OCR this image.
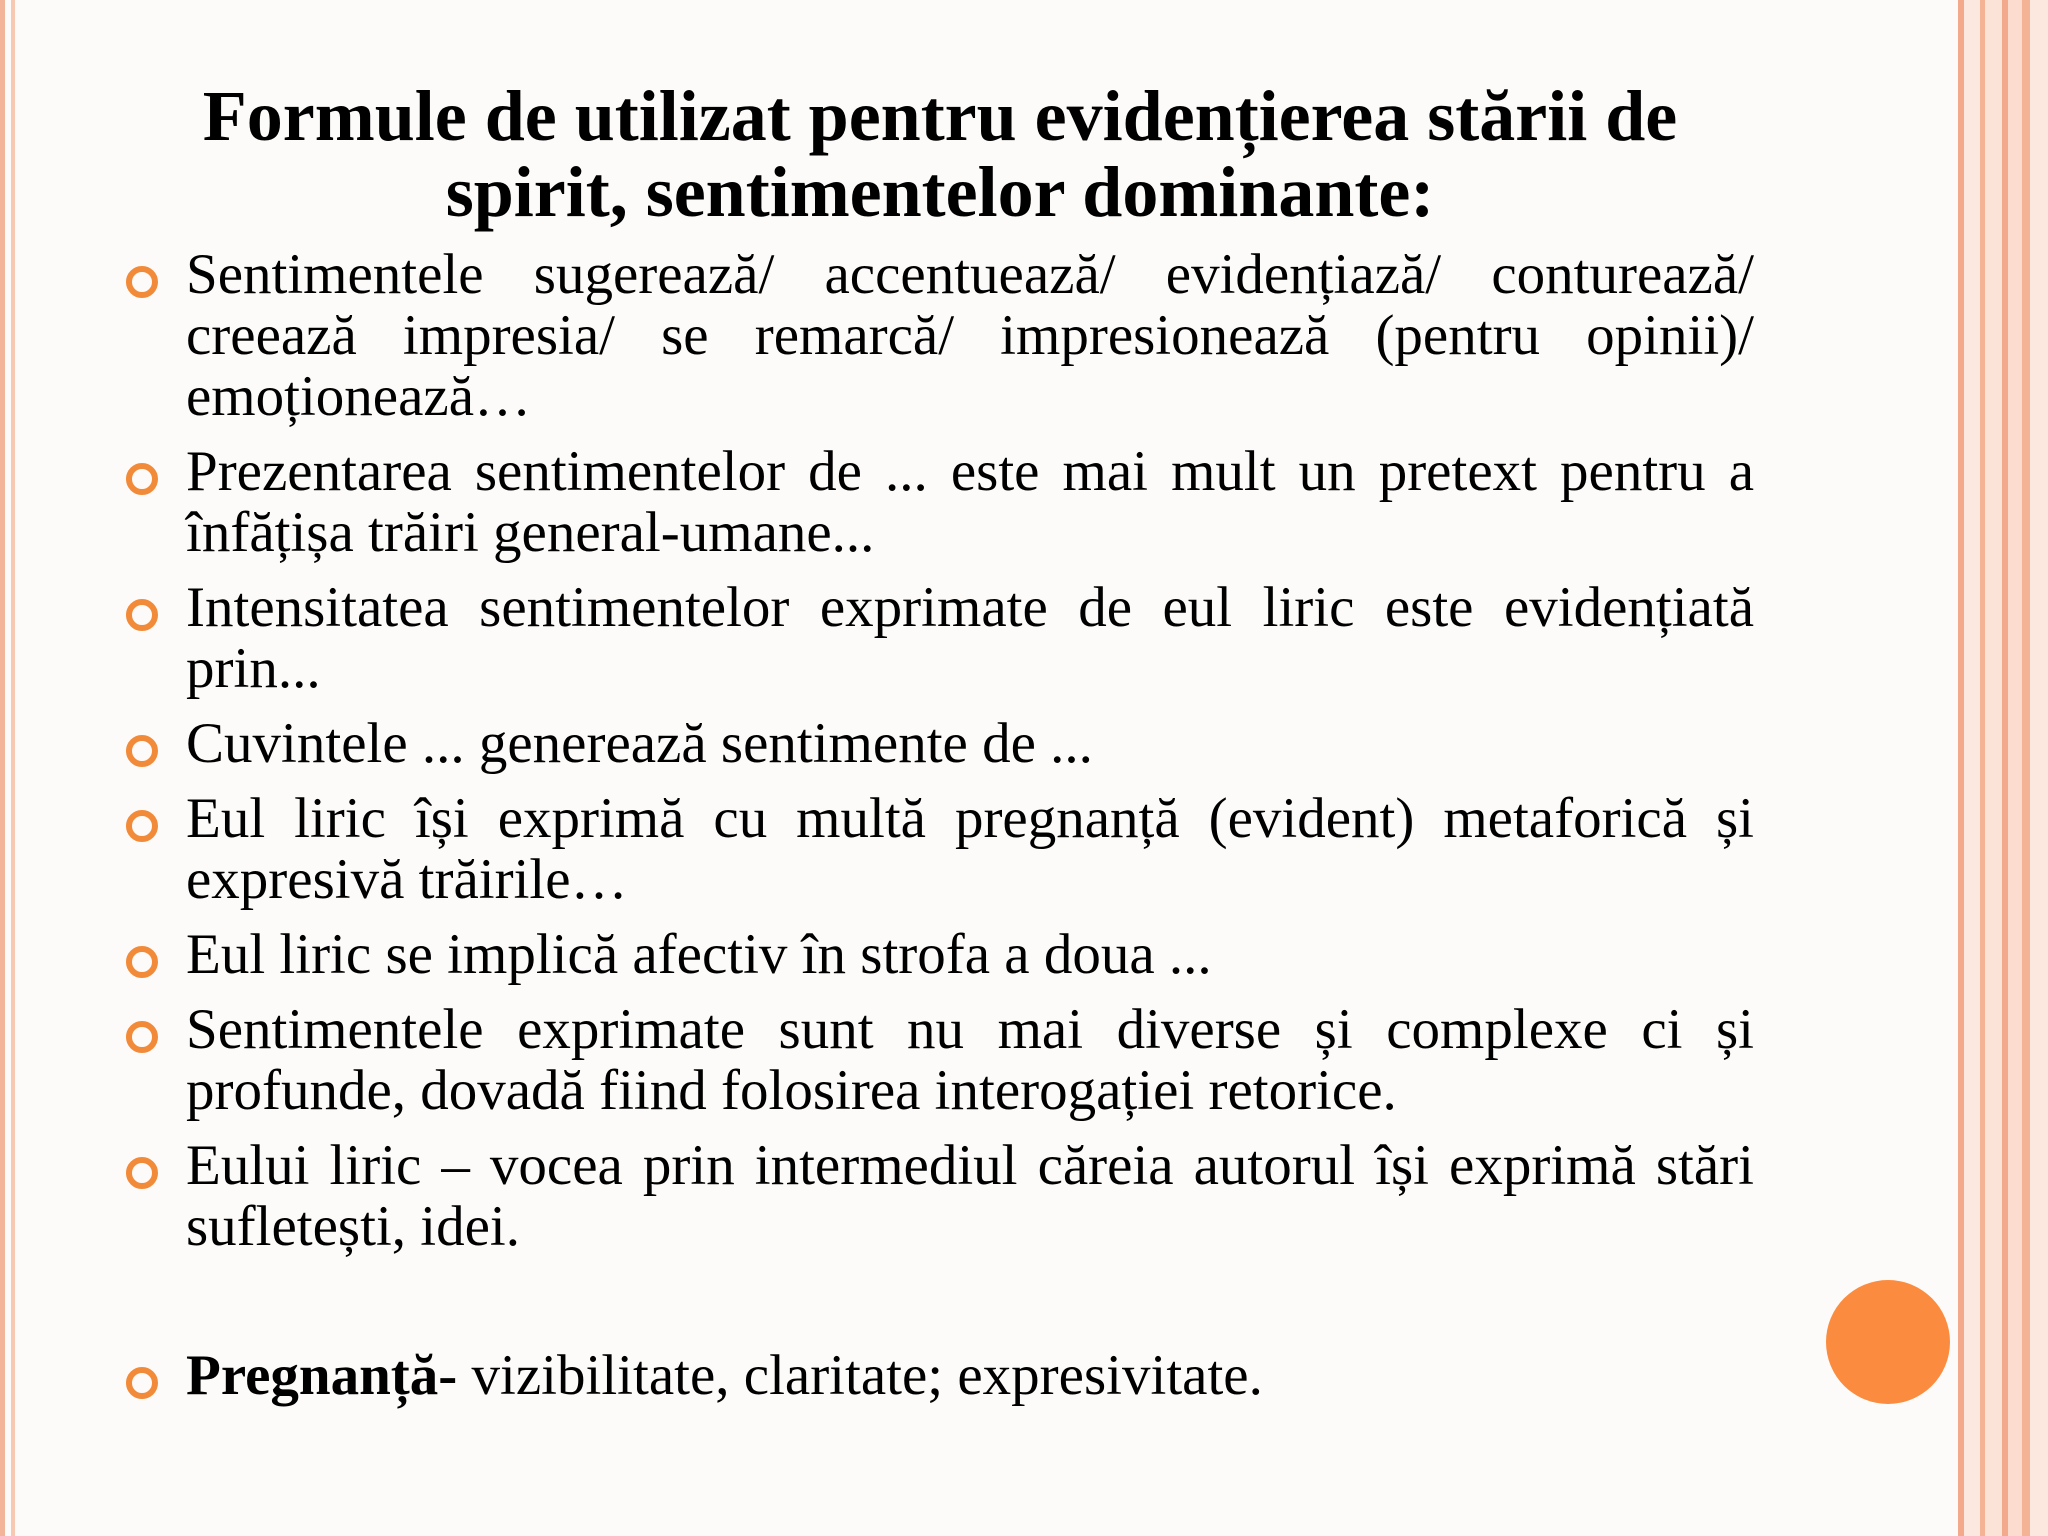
Formule de utilizat pentru evidențierea stării de spirit, sentimentelor dominante:
Sentimentele sugerează/ accentuează/ evidențiază/ conturează/ creează impresia/ se remarcă/ impresionează (pentru opinii)/ emoționează…
Prezentarea sentimentelor de ... este mai mult un pretext pentru a înfățișa trăiri general-umane...
Intensitatea sentimentelor exprimate de eul liric este evidențiată prin...
Cuvintele ... generează sentimente de ...
Eul liric își exprimă cu multă pregnanță (evident) metaforică și expresivă trăirile…
Eul liric se implică afectiv în strofa a doua ...
Sentimentele exprimate sunt nu mai diverse și complexe ci și profunde, dovadă fiind folosirea interogației retorice.
Eului liric – vocea prin intermediul căreia autorul își exprimă stări sufletești, idei.
Pregnanță- vizibilitate, claritate; expresivitate.
